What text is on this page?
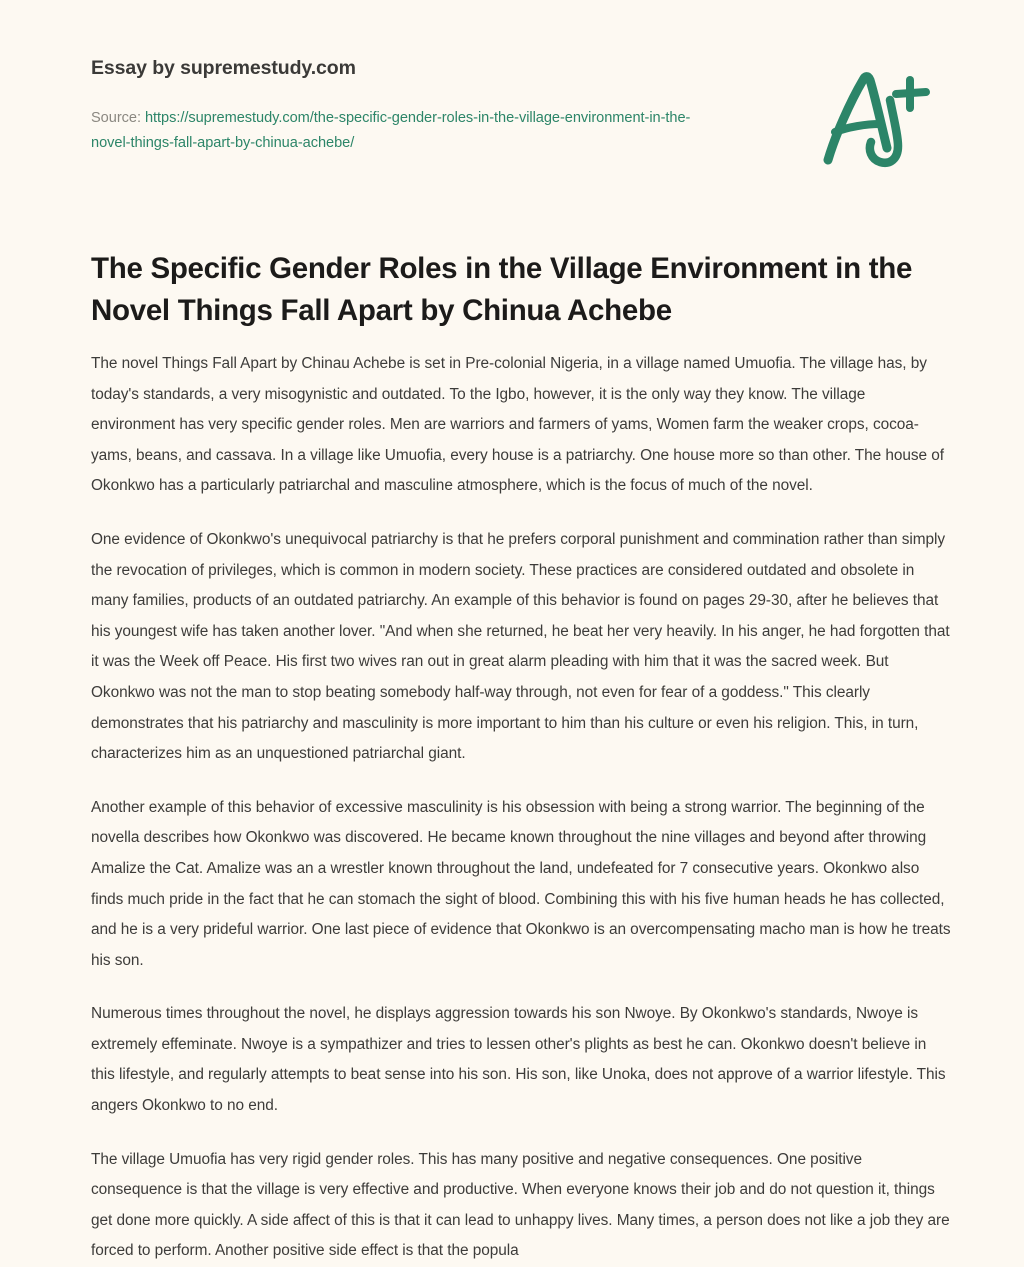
Essay by supremestudy.com
Source: https://supremestudy.com/the-specific-gender-roles-in-the-village-environment-in-the-novel-things-fall-apart-by-chinua-achebe/
The Specific Gender Roles in the Village Environment in the Novel Things Fall Apart by Chinua Achebe

The novel Things Fall Apart by Chinau Achebe is set in Pre-colonial Nigeria, in a village named Umuofia. The village has, by today's standards, a very misogynistic and outdated. To the Igbo, however, it is the only way they know. The village environment has very specific gender roles. Men are warriors and farmers of yams, Women farm the weaker crops, cocoa-yams, beans, and cassava. In a village like Umuofia, every house is a patriarchy. One house more so than other. The house of Okonkwo has a particularly patriarchal and masculine atmosphere, which is the focus of much of the novel.

One evidence of Okonkwo's unequivocal patriarchy is that he prefers corporal punishment and commination rather than simply the revocation of privileges, which is common in modern society. These practices are considered outdated and obsolete in many families, products of an outdated patriarchy. An example of this behavior is found on pages 29-30, after he believes that his youngest wife has taken another lover. "And when she returned, he beat her very heavily. In his anger, he had forgotten that it was the Week off Peace. His first two wives ran out in great alarm pleading with him that it was the sacred week. But Okonkwo was not the man to stop beating somebody half-way through, not even for fear of a goddess." This clearly demonstrates that his patriarchy and masculinity is more important to him than his culture or even his religion. This, in turn, characterizes him as an unquestioned patriarchal giant.

Another example of this behavior of excessive masculinity is his obsession with being a strong warrior. The beginning of the novella describes how Okonkwo was discovered. He became known throughout the nine villages and beyond after throwing Amalize the Cat. Amalize was an a wrestler known throughout the land, undefeated for 7 consecutive years. Okonkwo also finds much pride in the fact that he can stomach the sight of blood. Combining this with his five human heads he has collected, and he is a very prideful warrior. One last piece of evidence that Okonkwo is an overcompensating macho man is how he treats his son.

Numerous times throughout the novel, he displays aggression towards his son Nwoye. By Okonkwo's standards, Nwoye is extremely effeminate. Nwoye is a sympathizer and tries to lessen other's plights as best he can. Okonkwo doesn't believe in this lifestyle, and regularly attempts to beat sense into his son. His son, like Unoka, does not approve of a warrior lifestyle. This angers Okonkwo to no end.

The village Umuofia has very rigid gender roles. This has many positive and negative consequences. One positive consequence is that the village is very effective and productive. When everyone knows their job and do not question it, things get done more quickly. A side affect of this is that it can lead to unhappy lives. Many times, a person does not like a job they are forced to perform. Another positive side effect is that the popula
